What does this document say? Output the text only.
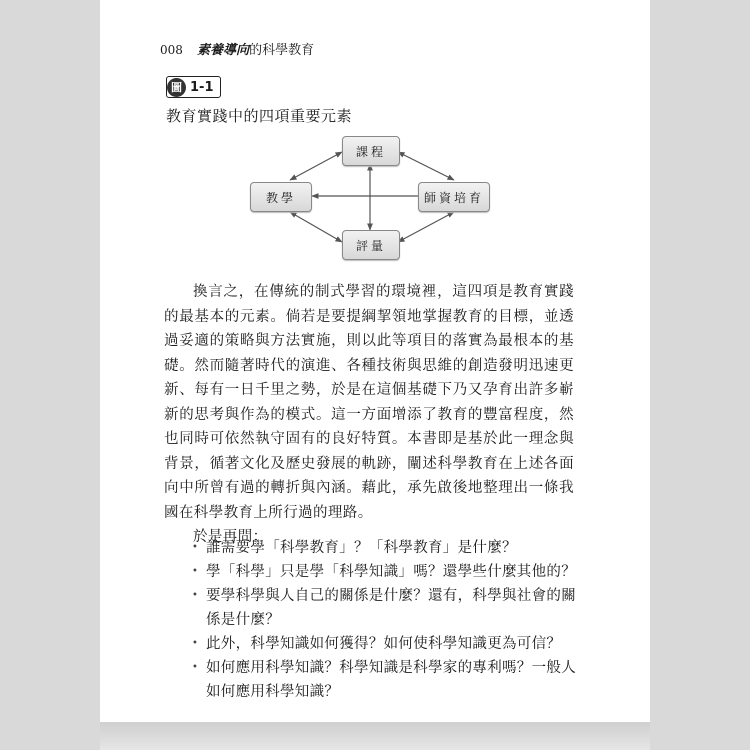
008 素養導向的科學教育
圖 1-1
教育實踐中的四項重要元素
課程
教學	師資培育
評量

換言之，在傳統的制式學習的環境裡，這四項是教育實踐的最基本的元素。倘若是要提綱挈領地掌握教育的目標，並透過妥適的策略與方法實施，則以此等項目的落實為最根本的基礎。然而隨著時代的演進、各種技術與思維的創造發明迅速更新、每有一日千里之勢，於是在這個基礎下乃又孕育出許多嶄新的思考與作為的模式。這一方面增添了教育的豐富程度，然也同時可依然執守固有的良好特質。本書即是基於此一理念與背景，循著文化及歷史發展的軌跡，闡述科學教育在上述各面向中所曾有過的轉折與內涵。藉此，承先啟後地整理出一條我國在科學教育上所行過的理路。

於是再問：

• 誰需要學「科學教育」？「科學教育」是什麼？
• 學「科學」只是學「科學知識」嗎？還學些什麼其他的？
• 要學科學與人自己的關係是什麼？還有，科學與社會的關係是什麼？
• 此外，科學知識如何獲得？如何使科學知識更為可信？
• 如何應用科學知識？科學知識是科學家的專利嗎？一般人如何應用科學知識？
